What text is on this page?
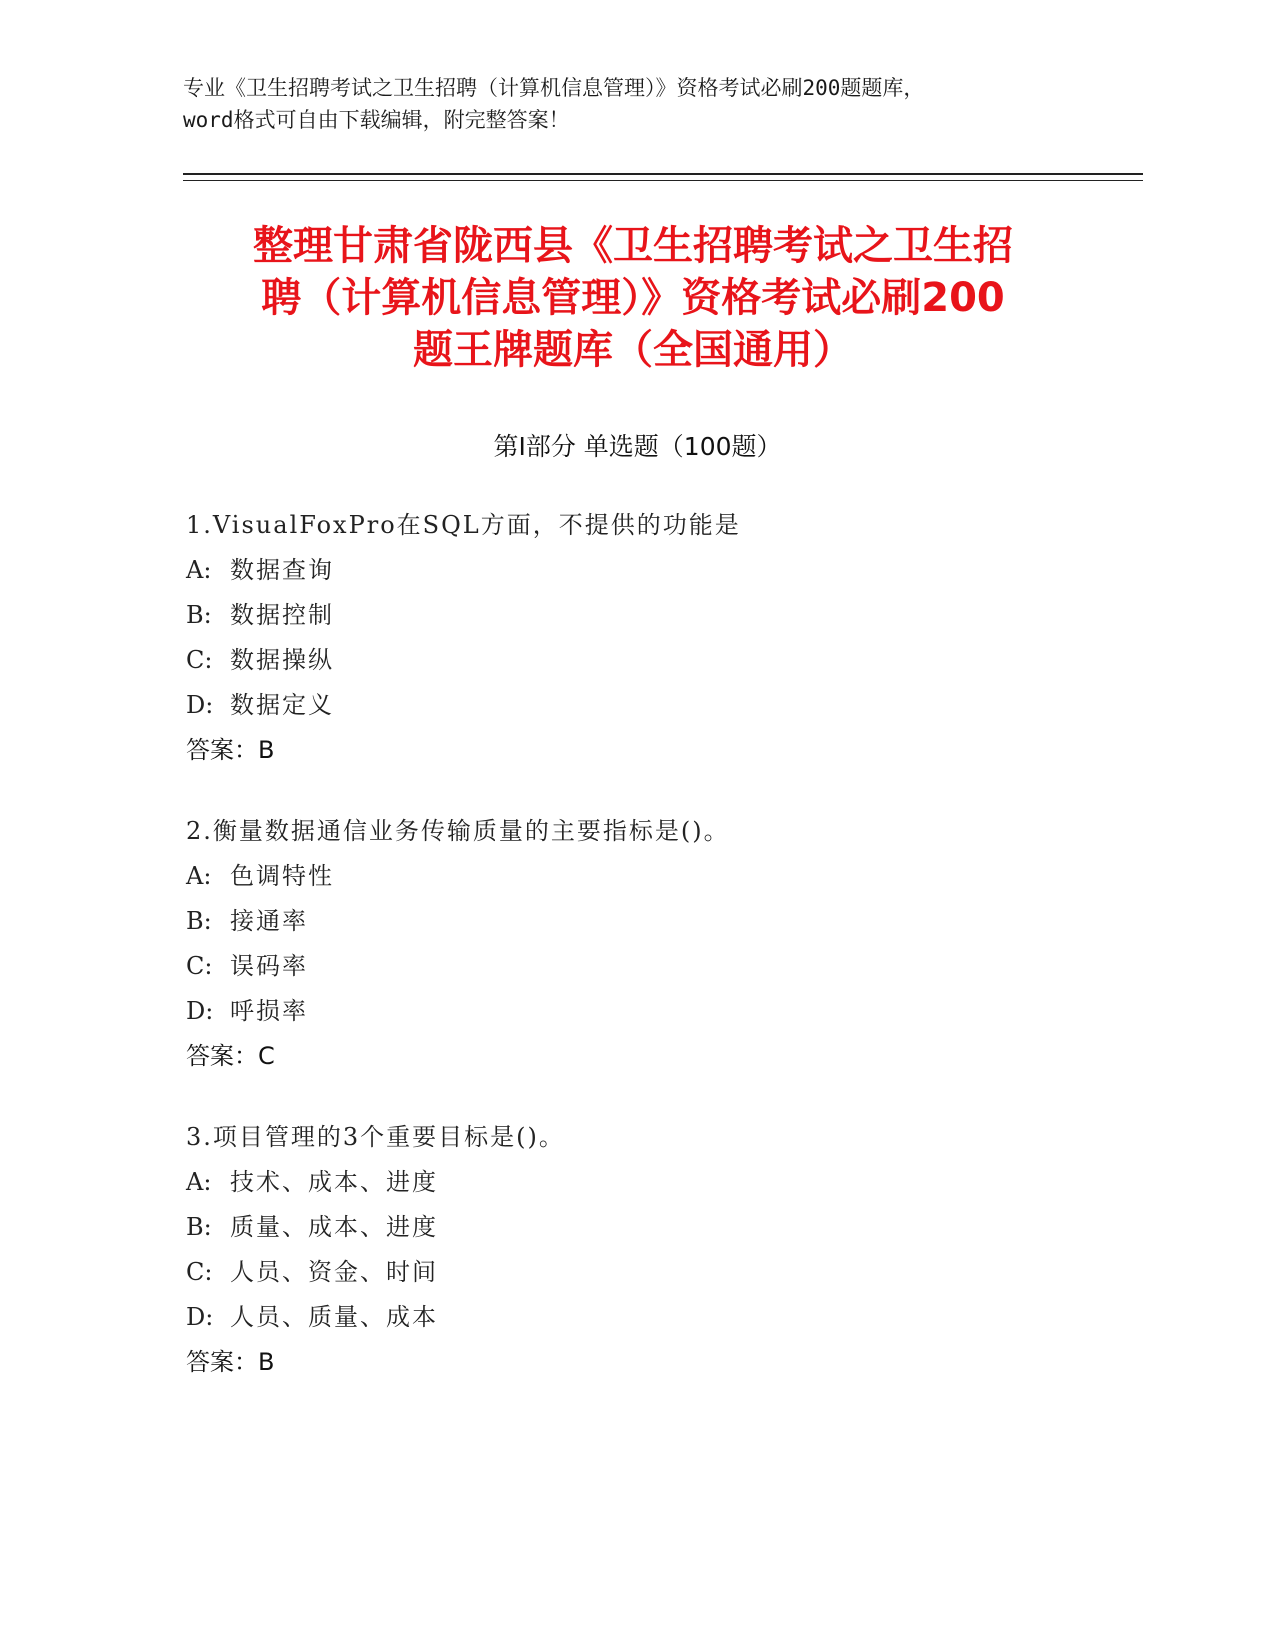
专业《卫生招聘考试之卫生招聘（计算机信息管理）》资格考试必刷200题题库，
word格式可自由下载编辑，附完整答案！
整理甘肃省陇西县《卫生招聘考试之卫生招
聘（计算机信息管理）》资格考试必刷200
题王牌题库（全国通用）
第Ⅰ部分 单选题（100题）
1.VisualFoxPro在SQL方面，不提供的功能是
A: 数据查询
B: 数据控制
C: 数据操纵
D: 数据定义
答案：B
2.衡量数据通信业务传输质量的主要指标是()。
A: 色调特性
B: 接通率
C: 误码率
D: 呼损率
答案：C
3.项目管理的3个重要目标是()。
A: 技术、成本、进度
B: 质量、成本、进度
C: 人员、资金、时间
D: 人员、质量、成本
答案：B
